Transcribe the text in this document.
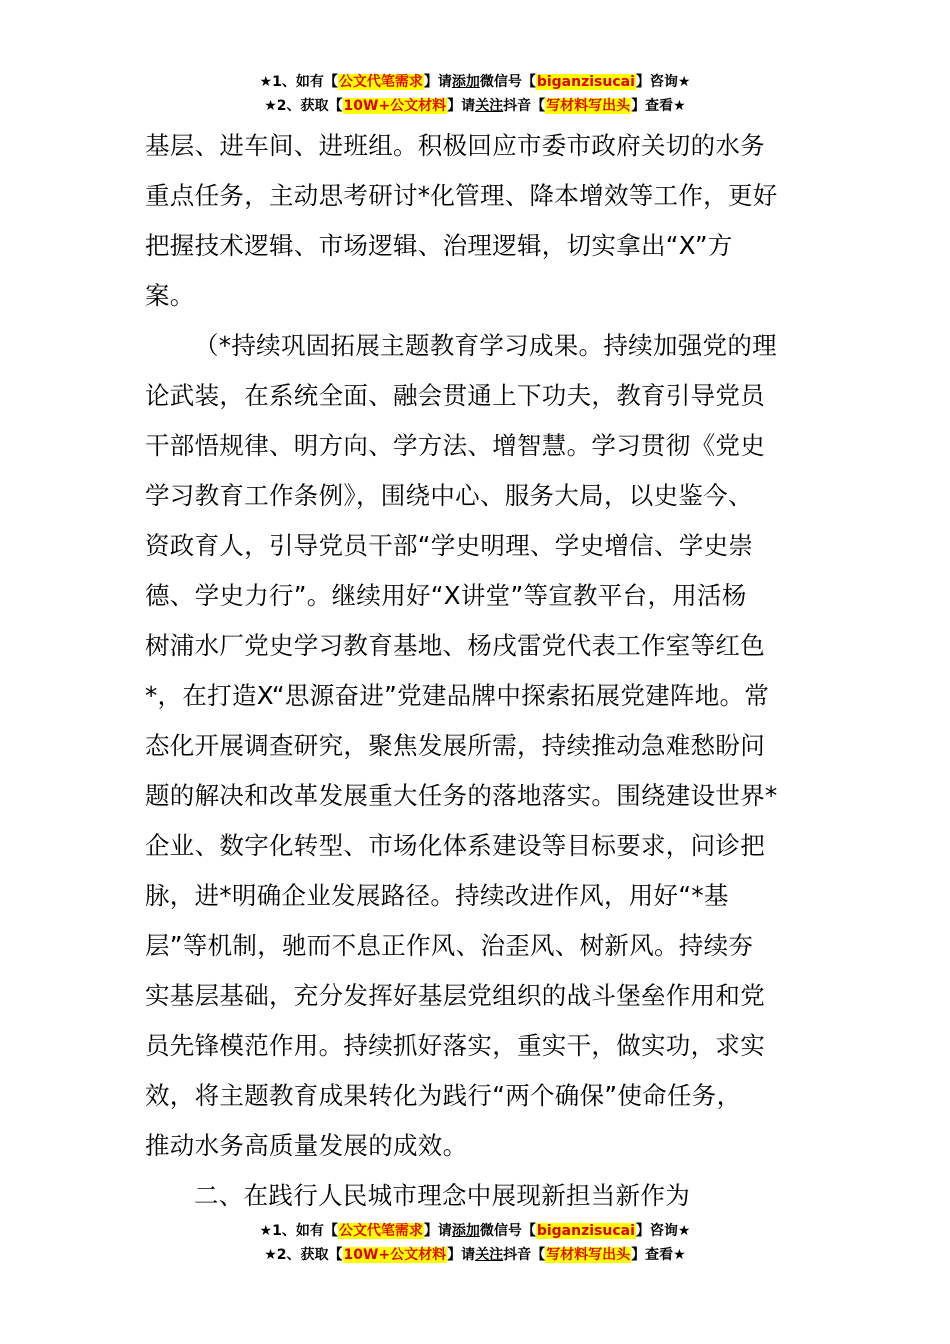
★1、如有【公文代笔需求】请添加微信号【biganzisucai】咨询★
★2、获取【10W+公文材料】请关注抖音【写材料写出头】查看★
基层、进车间、进班组。积极回应市委市政府关切的水务
重点任务，主动思考研讨*化管理、降本增效等工作，更好
把握技术逻辑、市场逻辑、治理逻辑，切实拿出“X”方
案。
（*持续巩固拓展主题教育学习成果。持续加强党的理
论武装，在系统全面、融会贯通上下功夫，教育引导党员
干部悟规律、明方向、学方法、增智慧。学习贯彻《党史
学习教育工作条例》，围绕中心、服务大局，以史鉴今、
资政育人，引导党员干部“学史明理、学史增信、学史崇
德、学史力行”。继续用好“X讲堂”等宣教平台，用活杨
树浦水厂党史学习教育基地、杨戌雷党代表工作室等红色
*，在打造X“思源奋进”党建品牌中探索拓展党建阵地。常
态化开展调查研究，聚焦发展所需，持续推动急难愁盼问
题的解决和改革发展重大任务的落地落实。围绕建设世界*
企业、数字化转型、市场化体系建设等目标要求，问诊把
脉，进*明确企业发展路径。持续改进作风，用好“*基
层”等机制，驰而不息正作风、治歪风、树新风。持续夯
实基层基础，充分发挥好基层党组织的战斗堡垒作用和党
员先锋模范作用。持续抓好落实，重实干，做实功，求实
效，将主题教育成果转化为践行“两个确保”使命任务，
推动水务高质量发展的成效。
二、在践行人民城市理念中展现新担当新作为
★1、如有【公文代笔需求】请添加微信号【biganzisucai】咨询★
★2、获取【10W+公文材料】请关注抖音【写材料写出头】查看★
